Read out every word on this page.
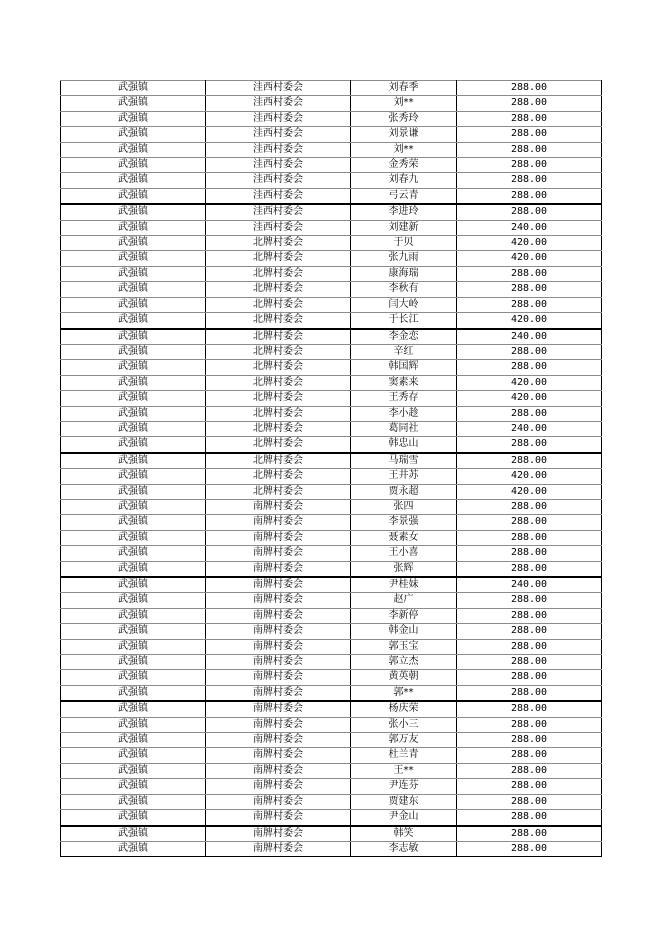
武强镇	洼西村委会	刘春季	288.00
武强镇	洼西村委会	刘**	288.00
武强镇	洼西村委会	张秀玲	288.00
武强镇	洼西村委会	刘景谦	288.00
武强镇	洼西村委会	刘**	288.00
武强镇	洼西村委会	金秀荣	288.00
武强镇	洼西村委会	刘春九	288.00
武强镇	洼西村委会	弓云青	288.00
武强镇	洼西村委会	李进玲	288.00
武强镇	洼西村委会	刘建新	240.00
武强镇	北牌村委会	于贝	420.00
武强镇	北牌村委会	张九雨	420.00
武强镇	北牌村委会	康海瑞	288.00
武强镇	北牌村委会	李秋有	288.00
武强镇	北牌村委会	闫大岭	288.00
武强镇	北牌村委会	于长江	420.00
武强镇	北牌村委会	李金恋	240.00
武强镇	北牌村委会	辛红	288.00
武强镇	北牌村委会	韩国辉	288.00
武强镇	北牌村委会	窦素来	420.00
武强镇	北牌村委会	王秀存	420.00
武强镇	北牌村委会	李小趁	288.00
武强镇	北牌村委会	葛同社	240.00
武强镇	北牌村委会	韩忠山	288.00
武强镇	北牌村委会	马瑞雪	288.00
武强镇	北牌村委会	王井苏	420.00
武强镇	北牌村委会	贾永超	420.00
武强镇	南牌村委会	张四	288.00
武强镇	南牌村委会	李景强	288.00
武强镇	南牌村委会	聂素女	288.00
武强镇	南牌村委会	王小喜	288.00
武强镇	南牌村委会	张辉	288.00
武强镇	南牌村委会	尹桂妹	240.00
武强镇	南牌村委会	赵广	288.00
武强镇	南牌村委会	李新停	288.00
武强镇	南牌村委会	韩金山	288.00
武强镇	南牌村委会	郭玉宝	288.00
武强镇	南牌村委会	郭立杰	288.00
武强镇	南牌村委会	黄英朝	288.00
武强镇	南牌村委会	郭**	288.00
武强镇	南牌村委会	杨庆荣	288.00
武强镇	南牌村委会	张小三	288.00
武强镇	南牌村委会	郭万友	288.00
武强镇	南牌村委会	杜兰青	288.00
武强镇	南牌村委会	王**	288.00
武强镇	南牌村委会	尹连芬	288.00
武强镇	南牌村委会	贾建东	288.00
武强镇	南牌村委会	尹金山	288.00
武强镇	南牌村委会	韩笑	288.00
武强镇	南牌村委会	李志敏	288.00
